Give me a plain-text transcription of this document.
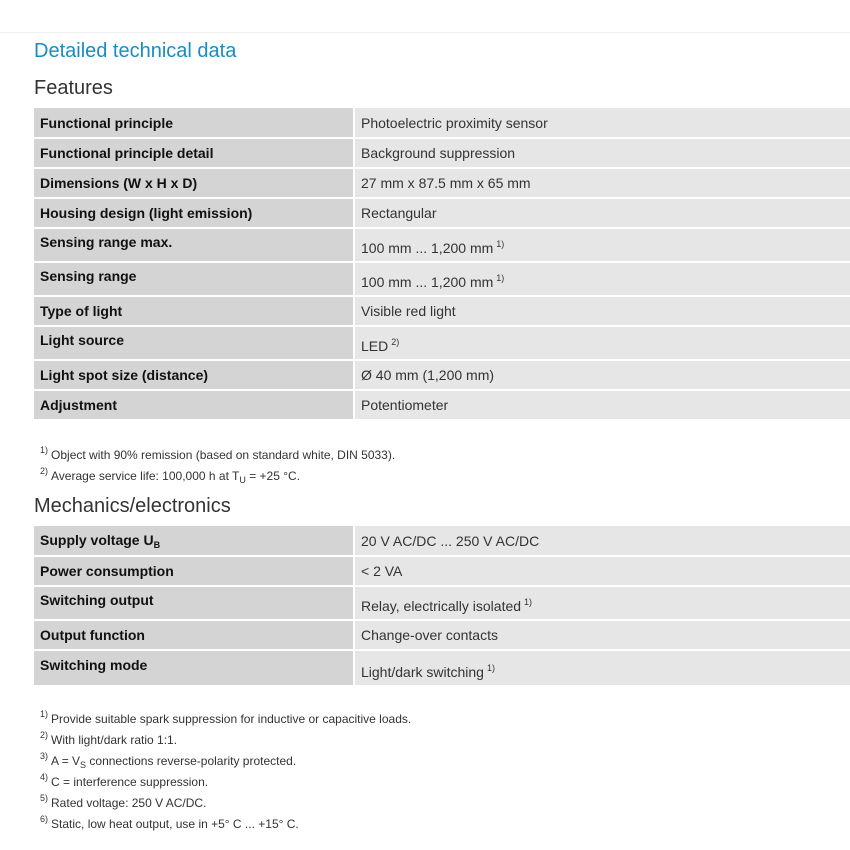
Detailed technical data
Features
Functional principle	Photoelectric proximity sensor
Functional principle detail	Background suppression
Dimensions (W x H x D)	27 mm x 87.5 mm x 65 mm
Housing design (light emission)	Rectangular
Sensing range max.	100 mm ... 1,200 mm $^{1)}$
Sensing range	100 mm ... 1,200 mm $^{1)}$
Type of light	Visible red light
Light source	LED $^{2)}$
Light spot size (distance)	Ø 40 mm (1,200 mm)
Adjustment	Potentiometer
$^{1)}$ Object with 90% remission (based on standard white, DIN 5033).
$^{2)}$ Average service life: 100,000 h at $T_U = +25$ °C.
Mechanics/electronics
Supply voltage $U_B$	20 V AC/DC ... 250 V AC/DC
Power consumption	< 2 VA
Switching output	Relay, electrically isolated $^{1)}$
Output function	Change-over contacts
Switching mode	Light/dark switching $^{1)}$
$^{1)}$ Provide suitable spark suppression for inductive or capacitive loads.
$^{2)}$ With light/dark ratio 1:1.
$^{3)}$ $A = V_S$ connections reverse-polarity protected.
$^{4)}$ C = interference suppression.
$^{5)}$ Rated voltage: 250 V AC/DC.
$^{6)}$ Static, low heat output, use in +5° C ... +15° C.
